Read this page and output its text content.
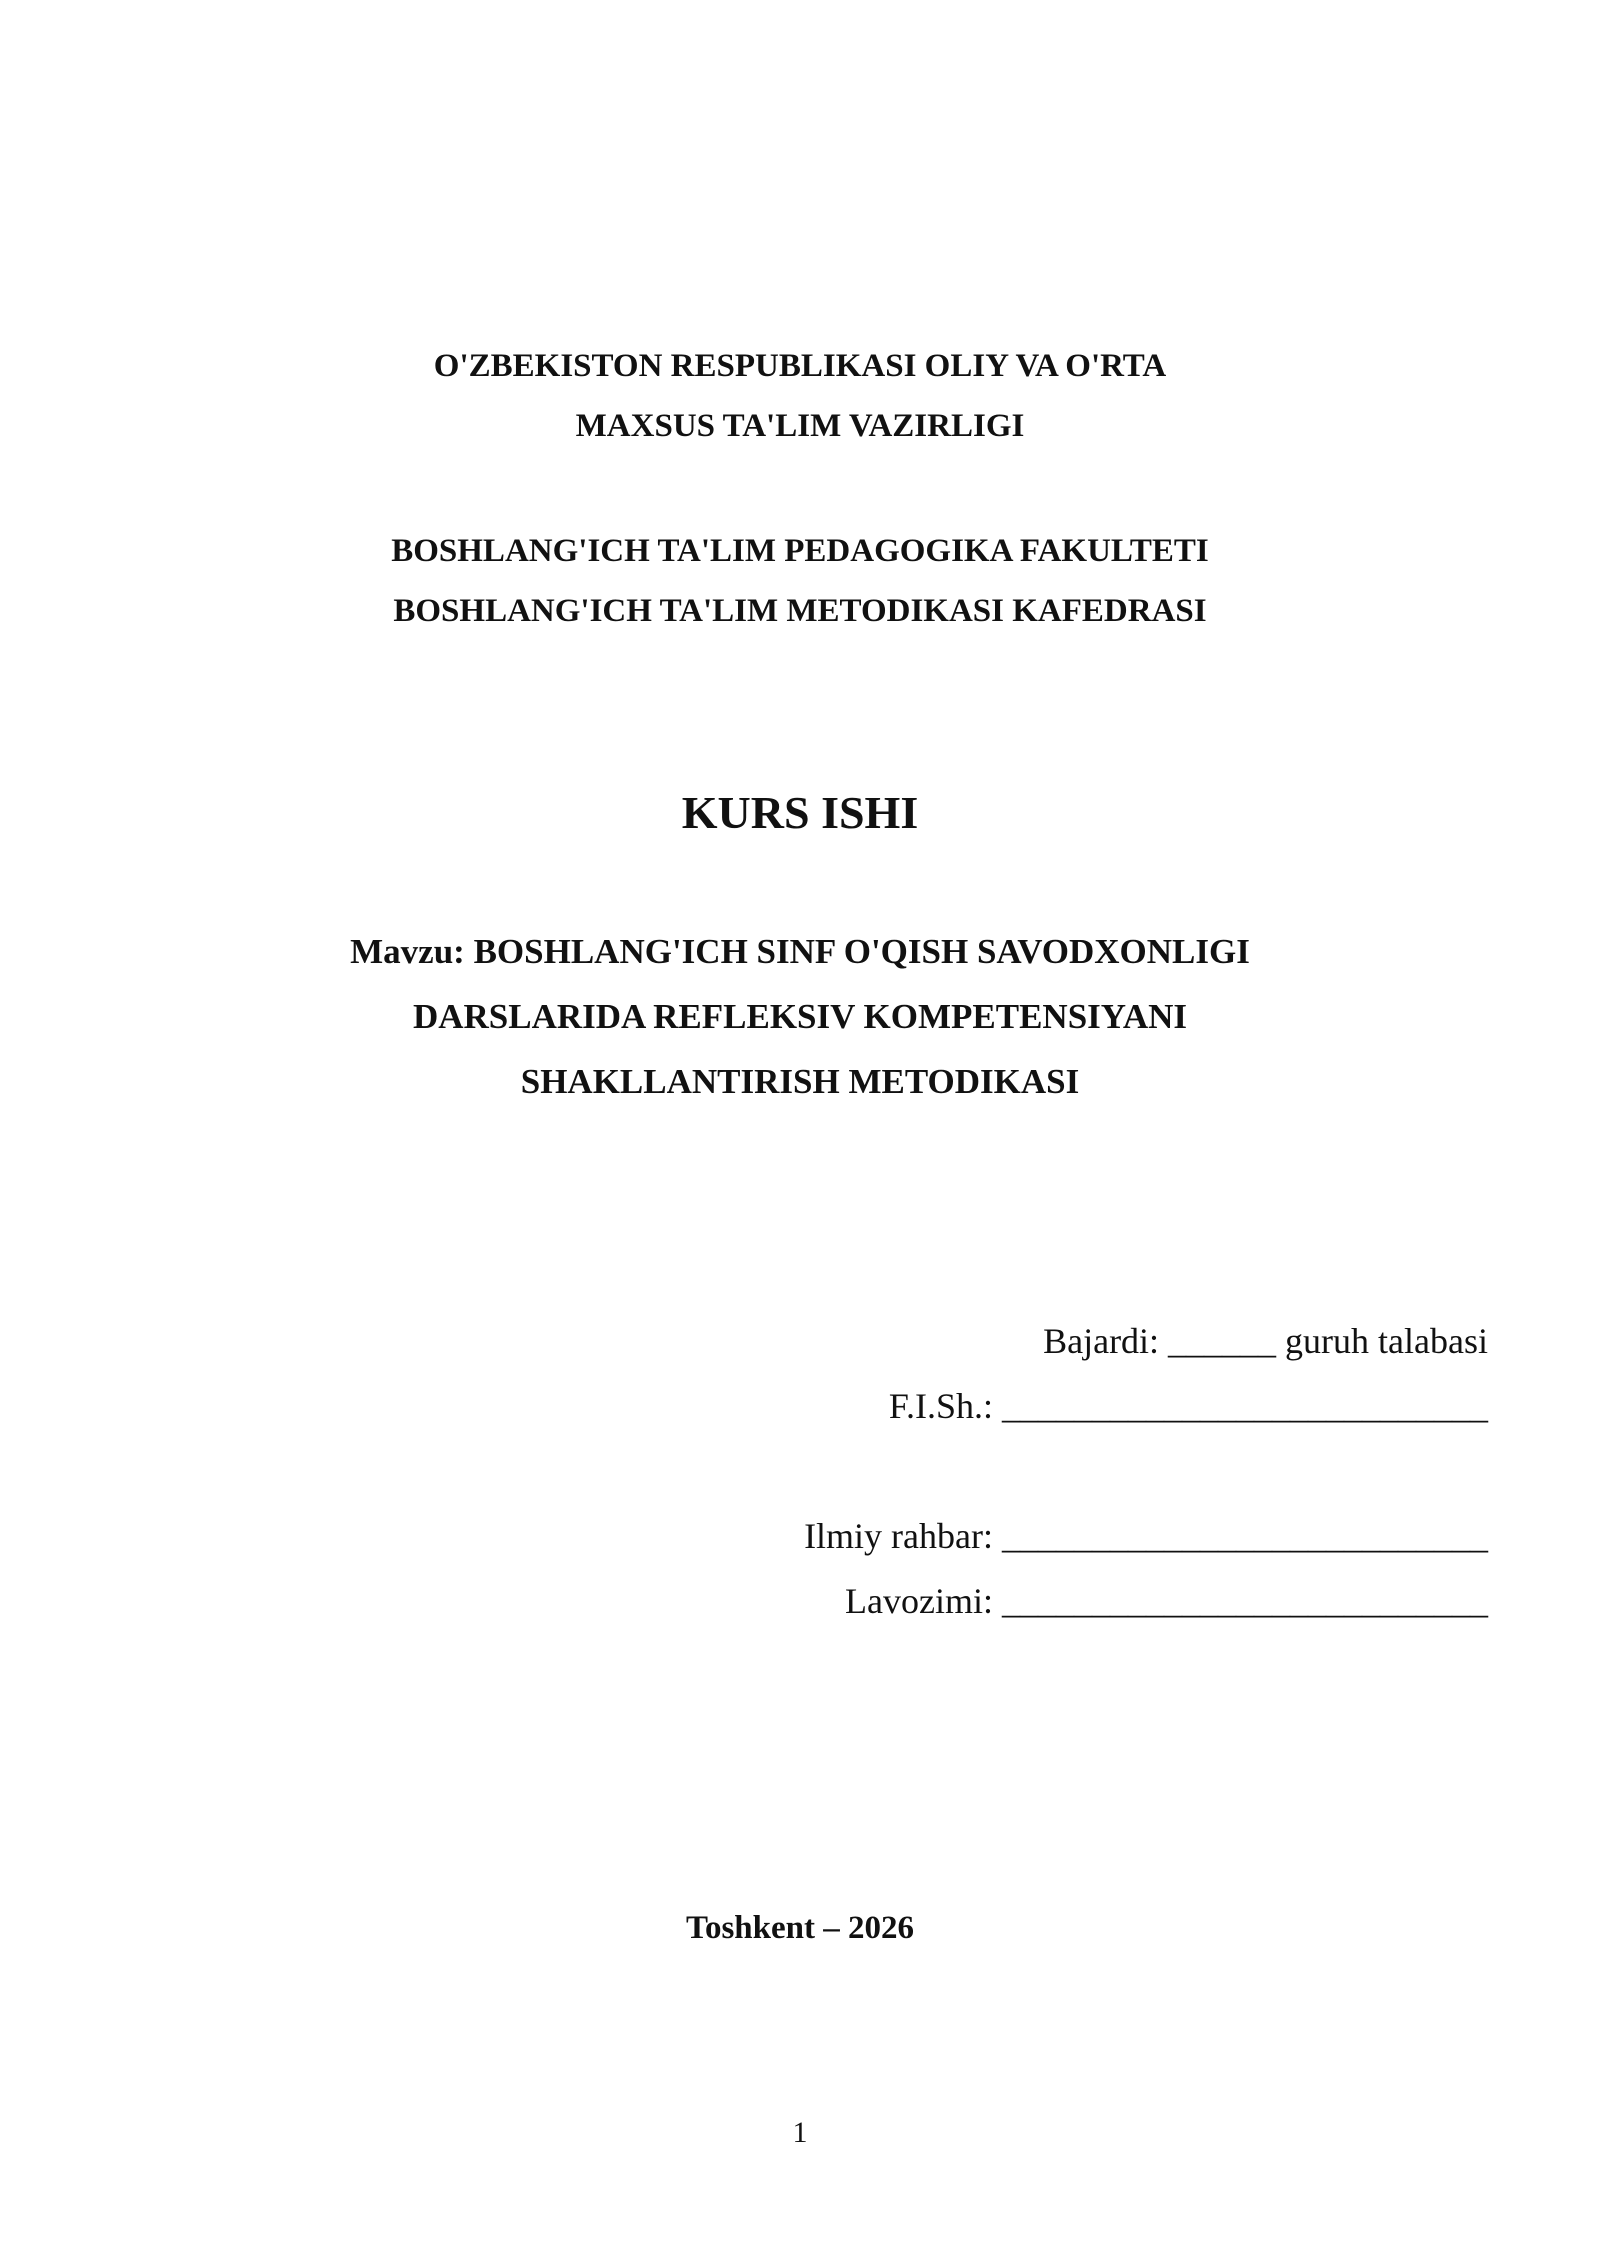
O'ZBEKISTON RESPUBLIKASI OLIY VA O'RTA
MAXSUS TA'LIM VAZIRLIGI
BOSHLANG'ICH TA'LIM PEDAGOGIKA FAKULTETI
BOSHLANG'ICH TA'LIM METODIKASI KAFEDRASI
KURS ISHI
Mavzu: BOSHLANG'ICH SINF O'QISH SAVODXONLIGI
DARSLARIDA REFLEKSIV KOMPETENSIYANI
SHAKLLANTIRISH METODIKASI
Bajardi: ______ guruh talabasi
F.I.Sh.: ___________________________
Ilmiy rahbar: ___________________________
Lavozimi: ___________________________
Toshkent – 2026
1
